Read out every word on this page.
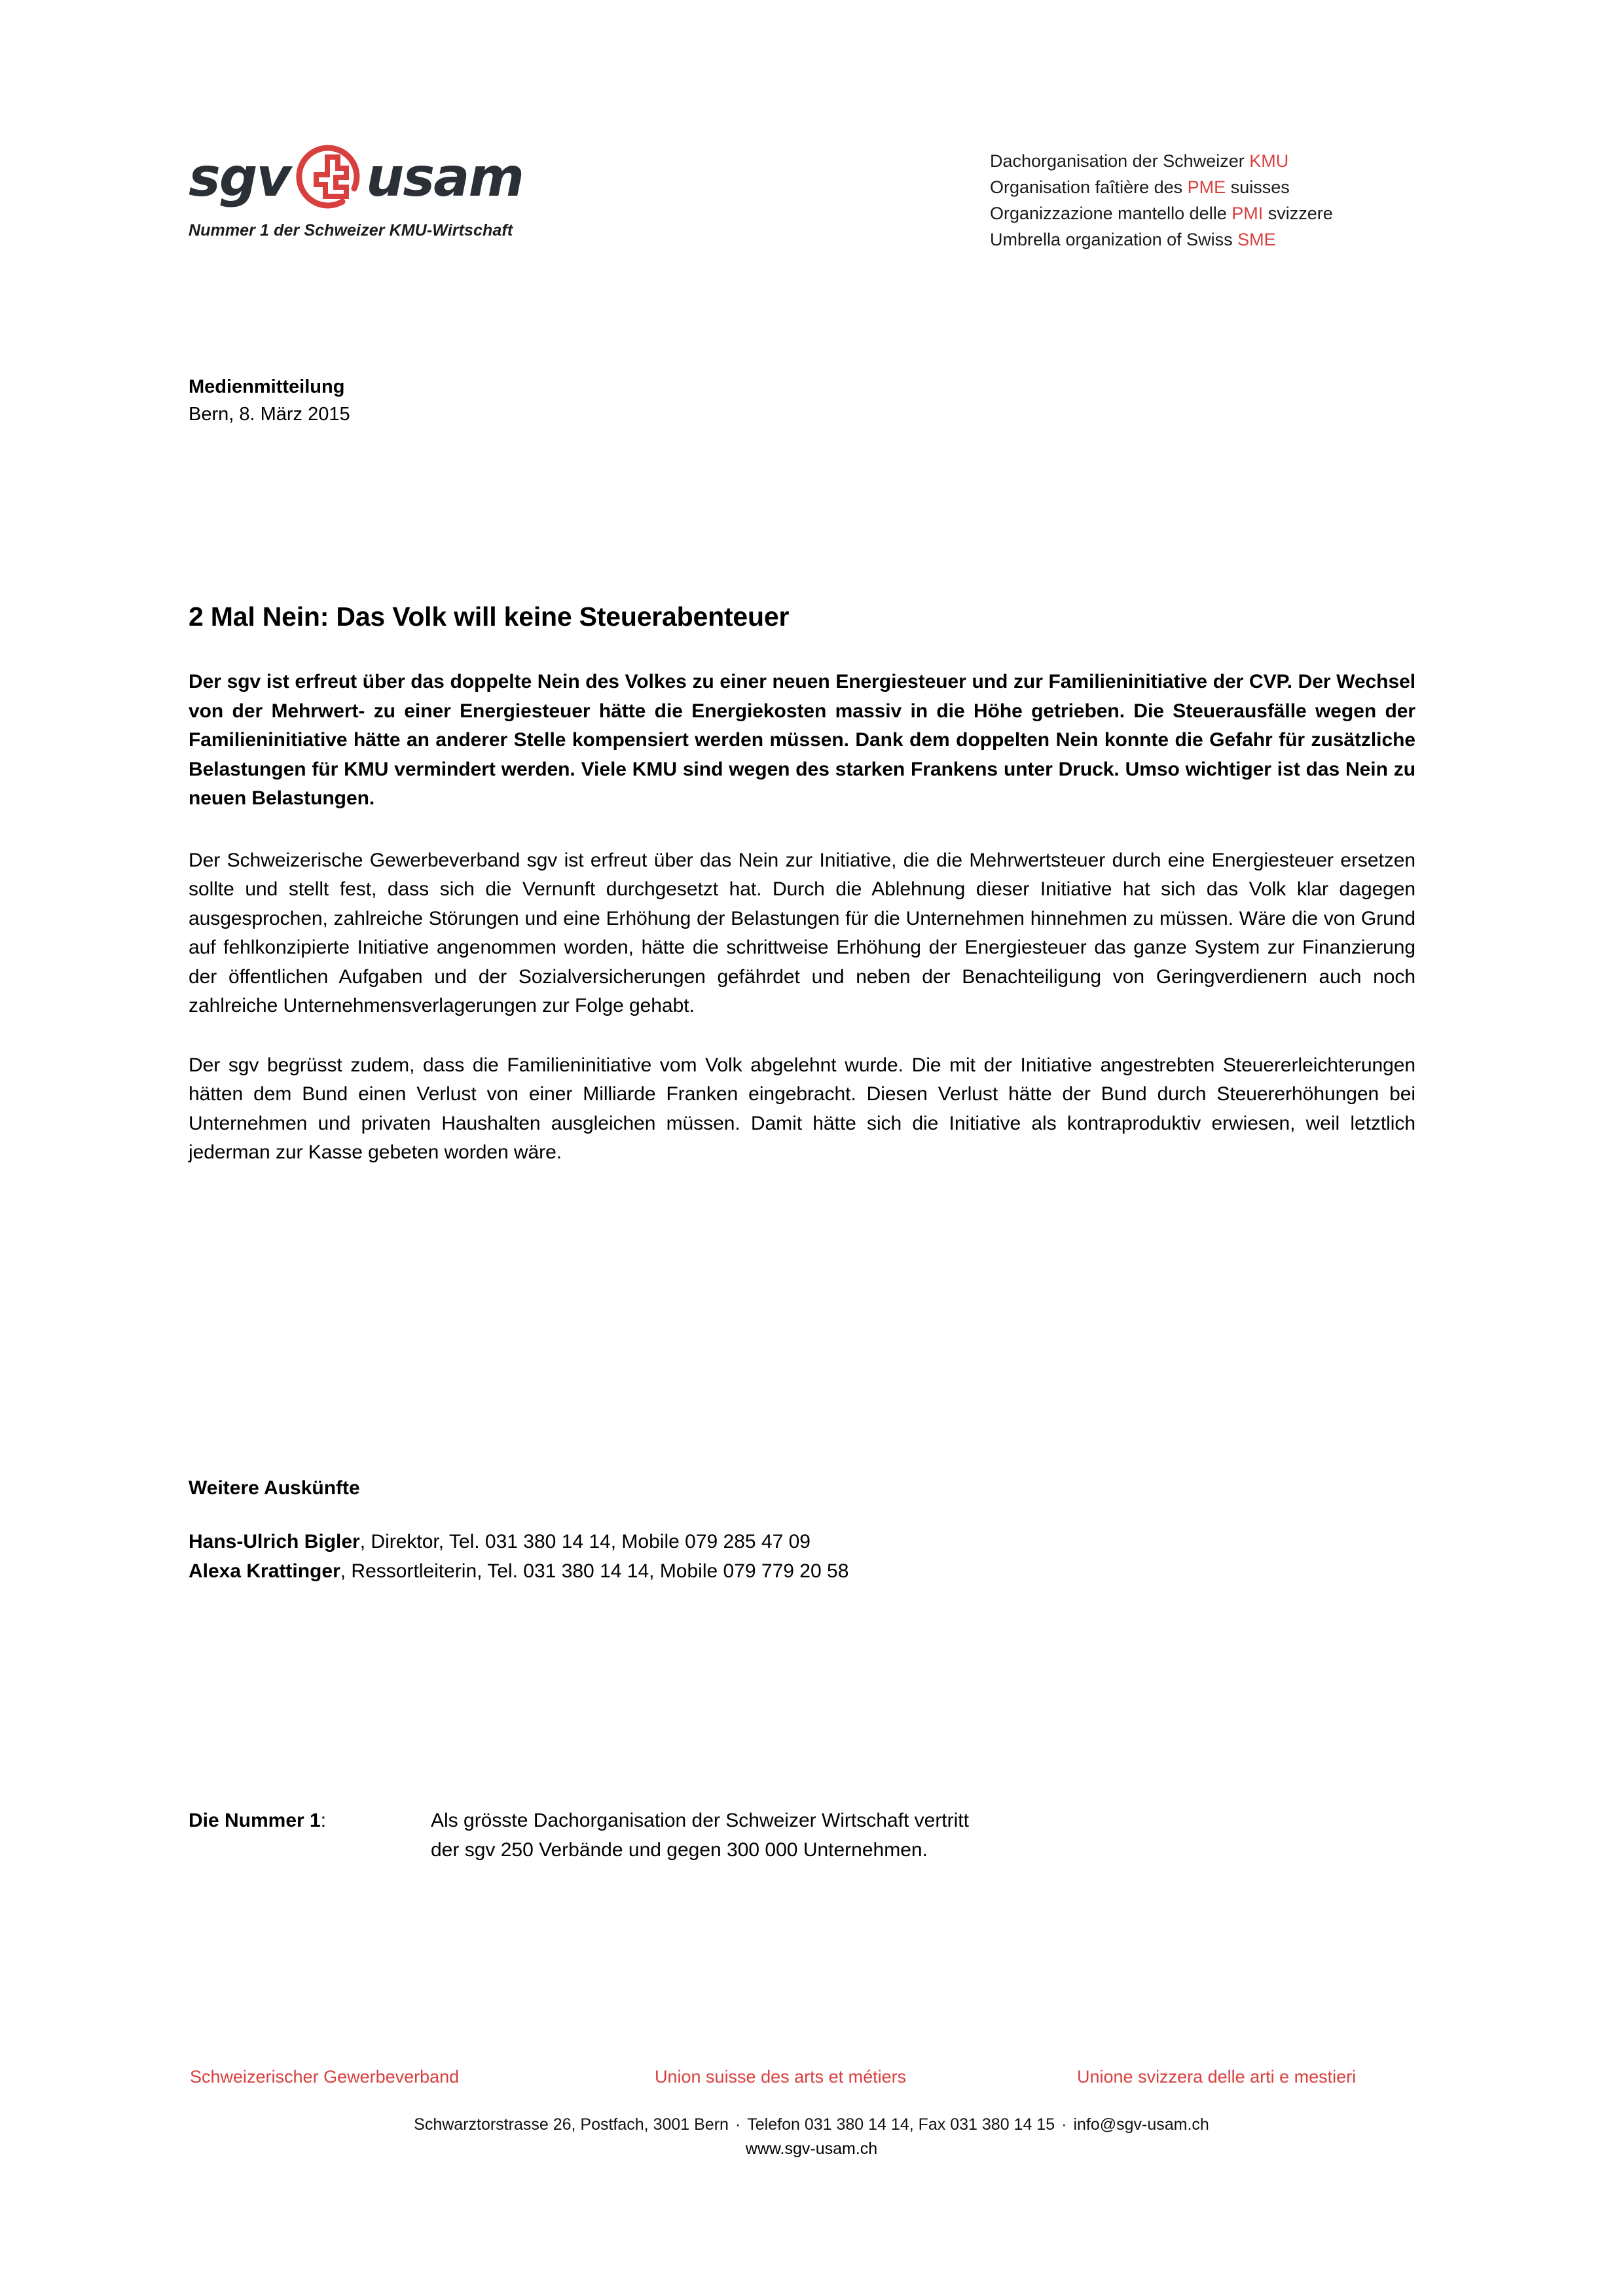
sgv usam
Nummer 1 der Schweizer KMU-Wirtschaft
Dachorganisation der Schweizer KMU
Organisation faîtière des PME suisses
Organizzazione mantello delle PMI svizzere
Umbrella organization of Swiss SME
Medienmitteilung
Bern, 8. März 2015
2 Mal Nein: Das Volk will keine Steuerabenteuer

Der sgv ist erfreut über das doppelte Nein des Volkes zu einer neuen Energiesteuer und zur Familieninitiative der CVP. Der Wechsel von der Mehrwert- zu einer Energiesteuer hätte die Energiekosten massiv in die Höhe getrieben. Die Steuerausfälle wegen der Familieninitiative hätte an anderer Stelle kompensiert werden müssen. Dank dem doppelten Nein konnte die Gefahr für zusätzliche Belastungen für KMU vermindert werden. Viele KMU sind wegen des starken Frankens unter Druck. Umso wichtiger ist das Nein zu neuen Belastungen.

Der Schweizerische Gewerbeverband sgv ist erfreut über das Nein zur Initiative, die die Mehrwertsteuer durch eine Energiesteuer ersetzen sollte und stellt fest, dass sich die Vernunft durchgesetzt hat. Durch die Ablehnung dieser Initiative hat sich das Volk klar dagegen ausgesprochen, zahlreiche Störungen und eine Erhöhung der Belastungen für die Unternehmen hinnehmen zu müssen. Wäre die von Grund auf fehlkonzipierte Initiative angenommen worden, hätte die schrittweise Erhöhung der Energiesteuer das ganze System zur Finanzierung der öffentlichen Aufgaben und der Sozialversicherungen gefährdet und neben der Benachteiligung von Geringverdienern auch noch zahlreiche Unternehmensverlagerungen zur Folge gehabt.

Der sgv begrüsst zudem, dass die Familieninitiative vom Volk abgelehnt wurde. Die mit der Initiative angestrebten Steuererleichterungen hätten dem Bund einen Verlust von einer Milliarde Franken eingebracht. Diesen Verlust hätte der Bund durch Steuererhöhungen bei Unternehmen und privaten Haushalten ausgleichen müssen. Damit hätte sich die Initiative als kontraproduktiv erwiesen, weil letztlich jederman zur Kasse gebeten worden wäre.

Weitere Auskünfte
Hans-Ulrich Bigler, Direktor, Tel. 031 380 14 14, Mobile 079 285 47 09
Alexa Krattinger, Ressortleiterin, Tel. 031 380 14 14, Mobile 079 779 20 58
Die Nummer 1:	Als grösste Dachorganisation der Schweizer Wirtschaft vertritt
der sgv 250 Verbände und gegen 300 000 Unternehmen.
Schweizerischer Gewerbeverband	Union suisse des arts et métiers	Unione svizzera delle arti e mestieri
Schwarztorstrasse 26, Postfach, 3001 Bern · Telefon 031 380 14 14, Fax 031 380 14 15 · info@sgv-usam.ch
www.sgv-usam.ch
